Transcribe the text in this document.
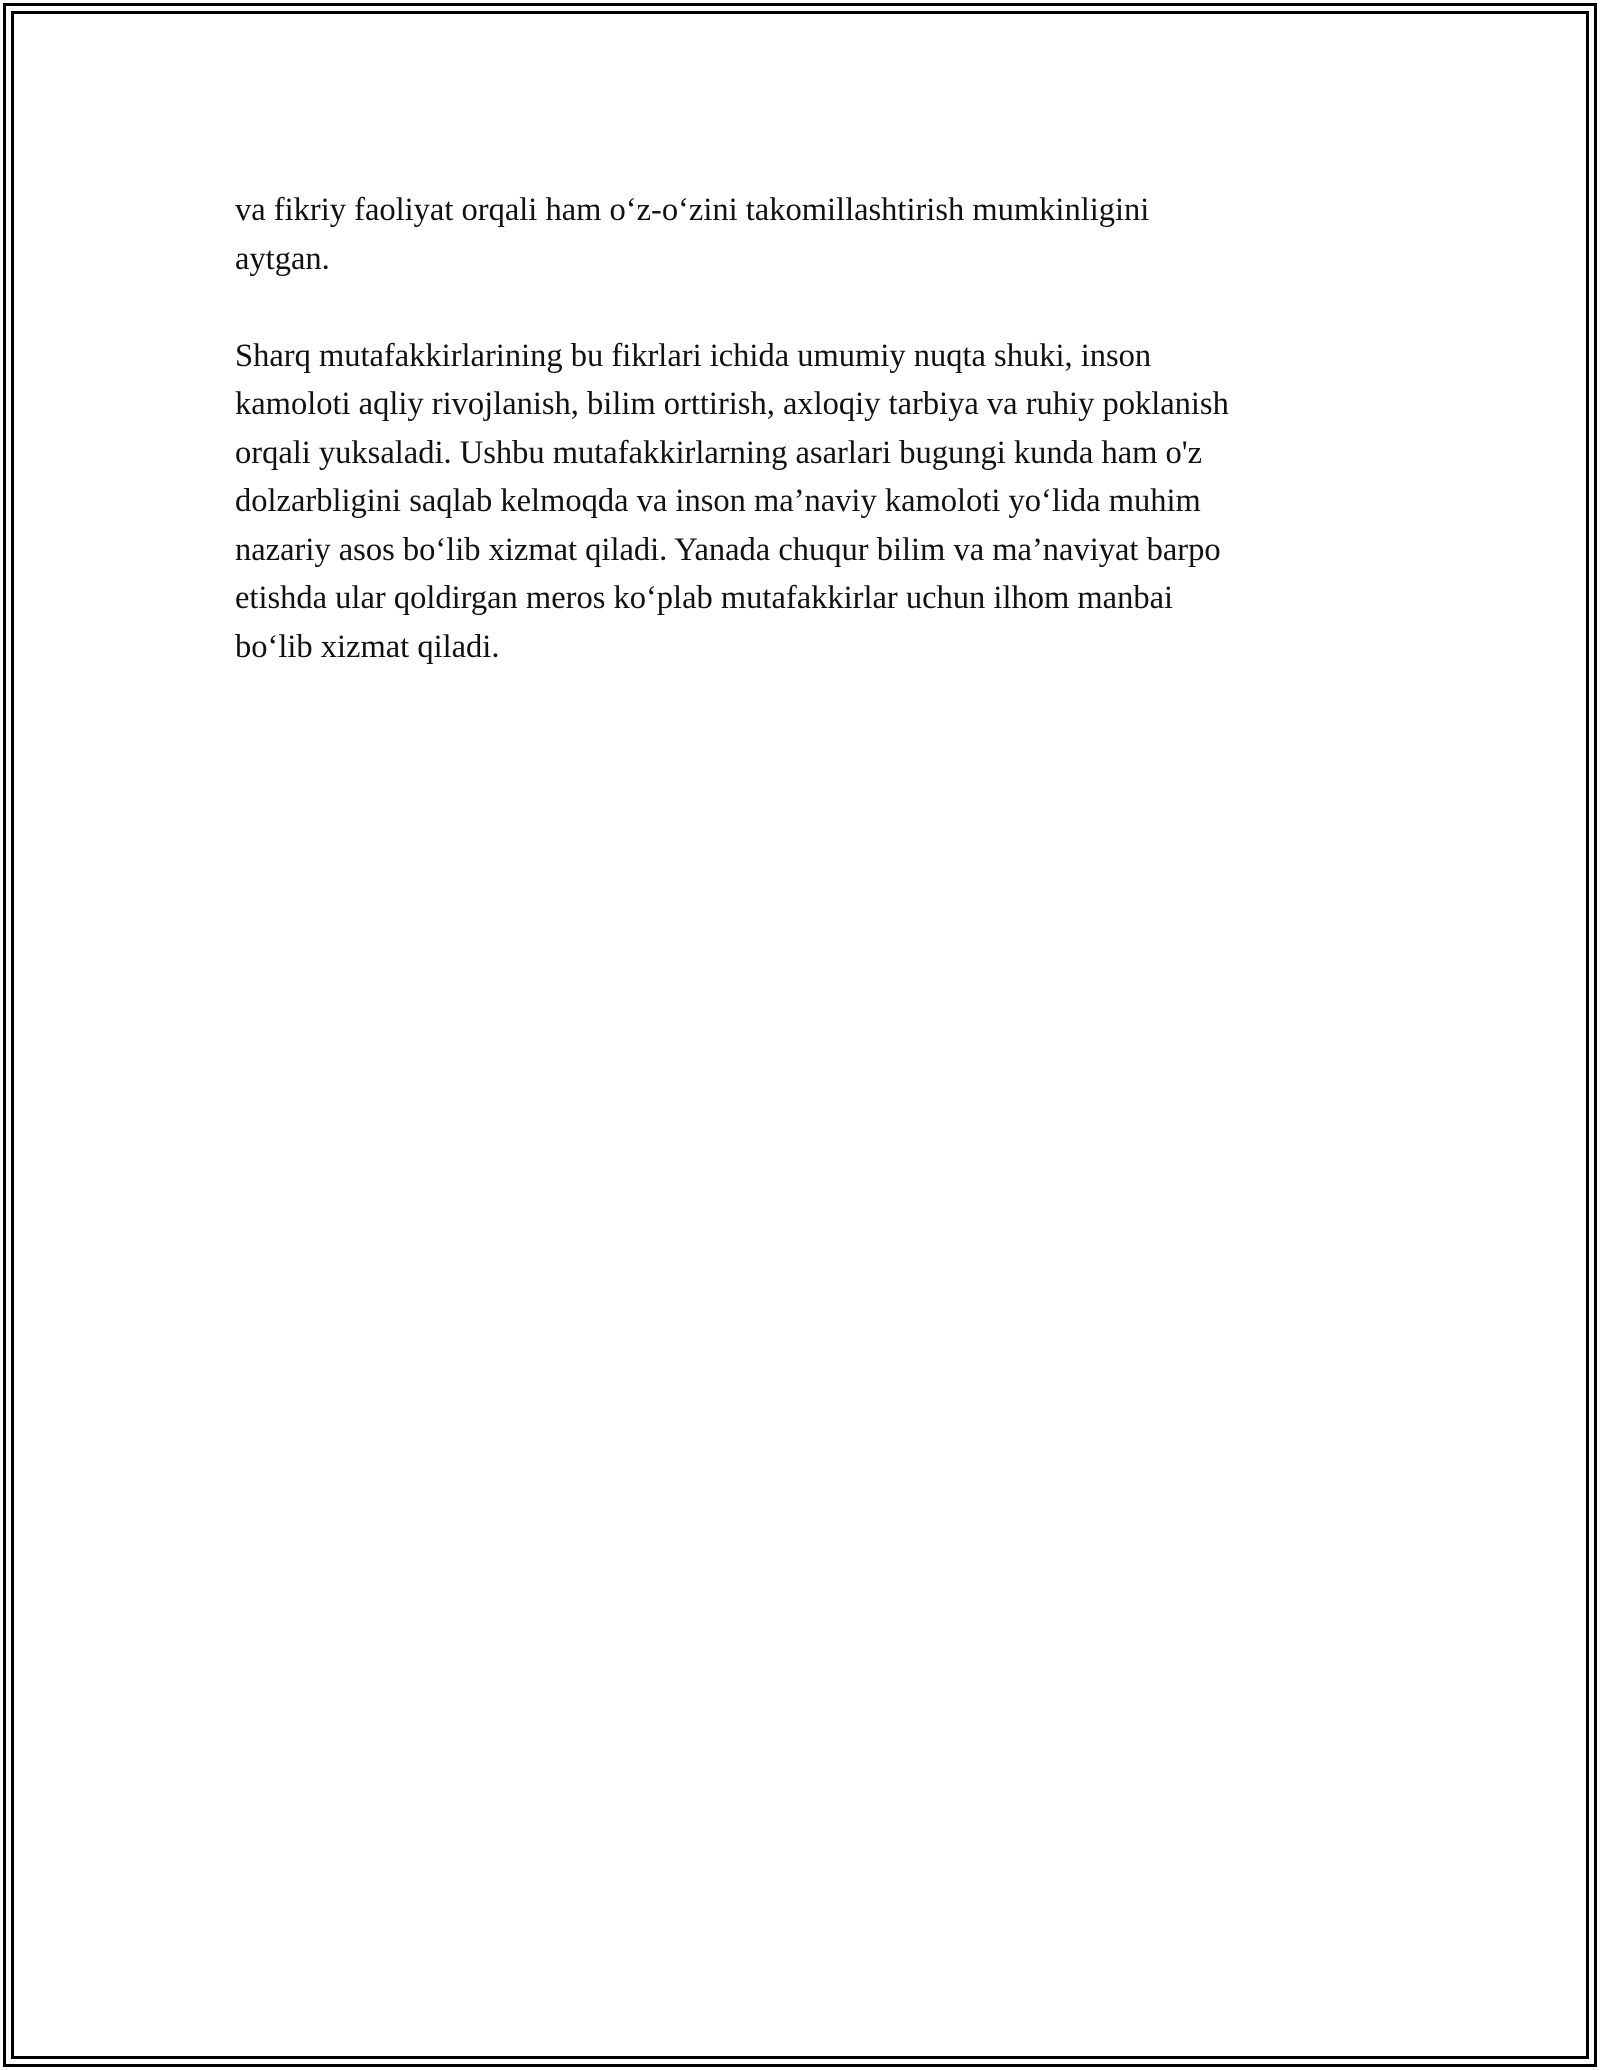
va fikriy faoliyat orqali ham o‘z-o‘zini takomillashtirish mumkinligini
aytgan.

Sharq mutafakkirlarining bu fikrlari ichida umumiy nuqta shuki, inson
kamoloti aqliy rivojlanish, bilim orttirish, axloqiy tarbiya va ruhiy poklanish
orqali yuksaladi. Ushbu mutafakkirlarning asarlari bugungi kunda ham o'z
dolzarbligini saqlab kelmoqda va inson ma’naviy kamoloti yo‘lida muhim
nazariy asos bo‘lib xizmat qiladi. Yanada chuqur bilim va ma’naviyat barpo
etishda ular qoldirgan meros ko‘plab mutafakkirlar uchun ilhom manbai
bo‘lib xizmat qiladi.
